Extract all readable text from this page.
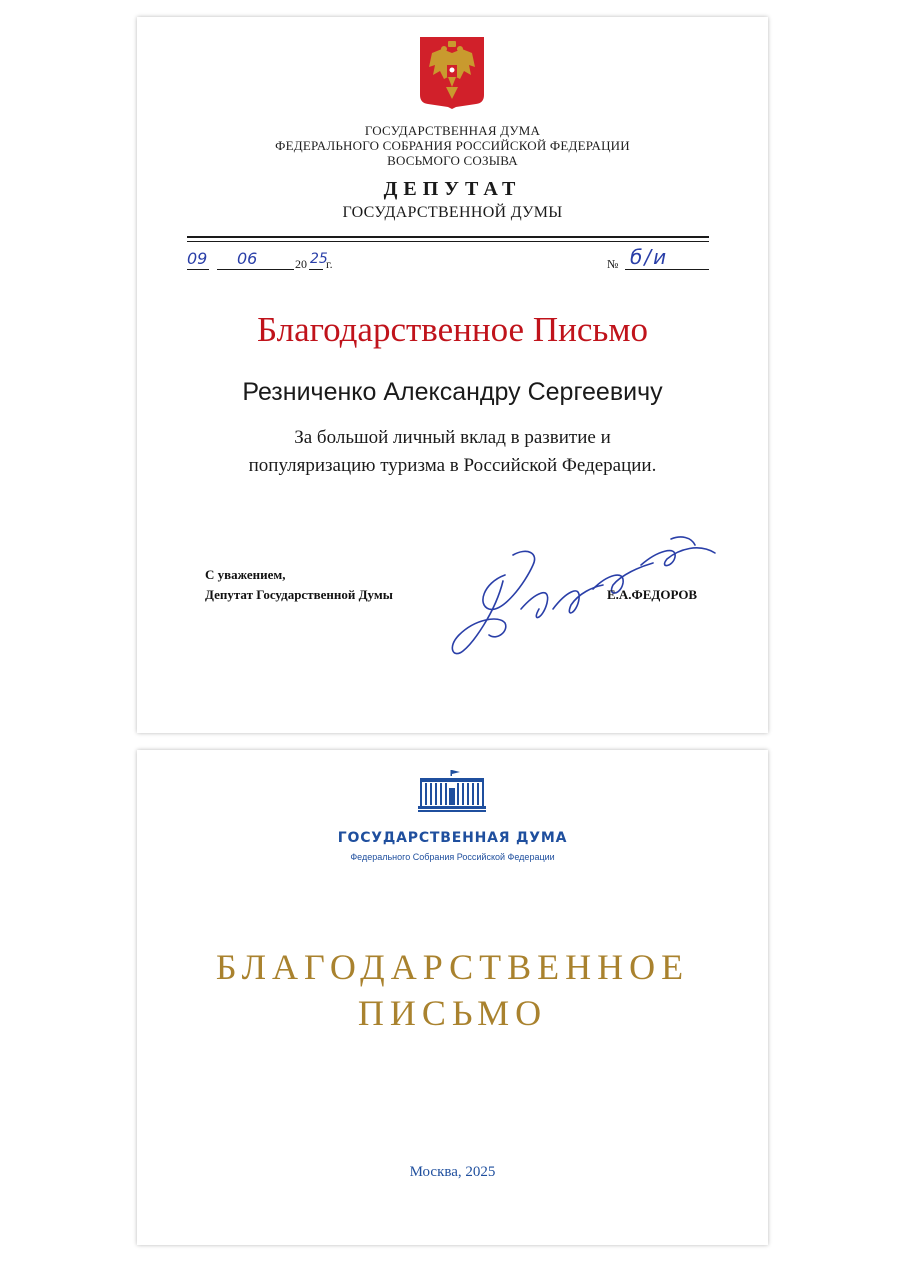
ГОСУДАРСТВЕННАЯ ДУМА
ФЕДЕРАЛЬНОГО СОБРАНИЯ РОССИЙСКОЙ ФЕДЕРАЦИИ
ВОСЬМОГО СОЗЫВА
ДЕПУТАТ
ГОСУДАРСТВЕННОЙ ДУМЫ
09 06	20 25
г.	№ б/и
Благодарственное Письмо
Резниченко Александру Сергеевичу
За большой личный вклад в развитие и
популяризацию туризма в Российской Федерации.
С уважением,
Депутат Государственной Думы	Е.А.ФЕДОРОВ
ГОСУДАРСТВЕННАЯ ДУМА
Федерального Собрания Российской Федерации
БЛАГОДАРСТВЕННОЕ
ПИСЬМО
Москва, 2025
